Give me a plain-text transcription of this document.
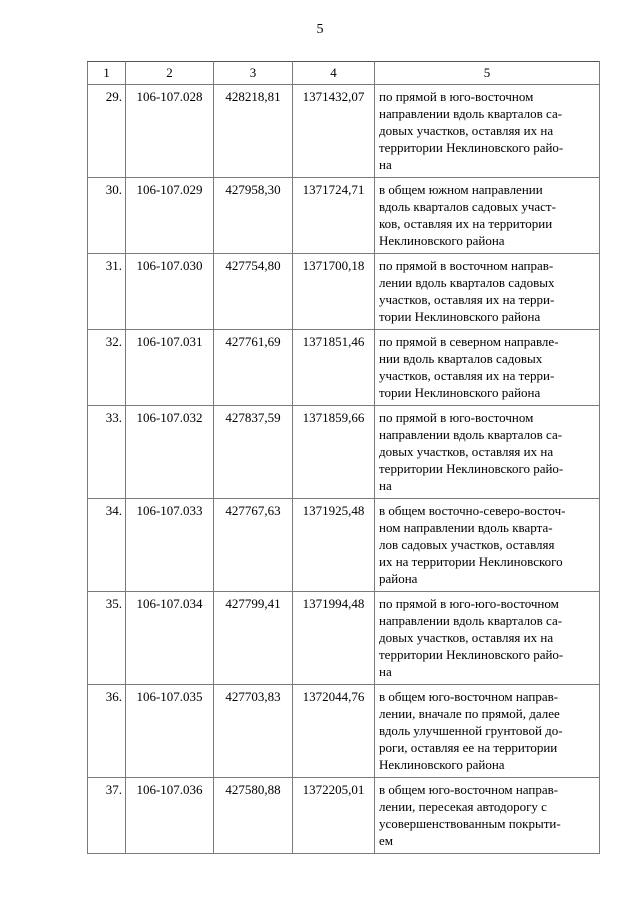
5
1	2	3	4	5
29.	106-107.028	428218,81	1371432,07	по прямой в юго-восточном
направлении вдоль кварталов са-
довых участков, оставляя их на
территории Неклиновского райо-
на

30.	106-107.029	427958,30	1371724,71	в общем южном направлении
вдоль кварталов садовых участ-
ков, оставляя их на территории
Неклиновского района

31.	106-107.030	427754,80	1371700,18	по прямой в восточном направ-
лении вдоль кварталов садовых
участков, оставляя их на терри-
тории Неклиновского района

32.	106-107.031	427761,69	1371851,46	по прямой в северном направле-
нии вдоль кварталов садовых
участков, оставляя их на терри-
тории Неклиновского района

33.	106-107.032	427837,59	1371859,66	по прямой в юго-восточном
направлении вдоль кварталов са-
довых участков, оставляя их на
территории Неклиновского райо-
на

34.	106-107.033	427767,63	1371925,48	в общем восточно-северо-восточ-
ном направлении вдоль кварта-
лов садовых участков, оставляя
их на территории Неклиновского
района

35.	106-107.034	427799,41	1371994,48	по прямой в юго-юго-восточном
направлении вдоль кварталов са-
довых участков, оставляя их на
территории Неклиновского райо-
на

36.	106-107.035	427703,83	1372044,76	в общем юго-восточном направ-
лении, вначале по прямой, далее
вдоль улучшенной грунтовой до-
роги, оставляя ее на территории
Неклиновского района

37.	106-107.036	427580,88	1372205,01	в общем юго-восточном направ-
лении, пересекая автодорогу с
усовершенствованным покрыти-
ем
